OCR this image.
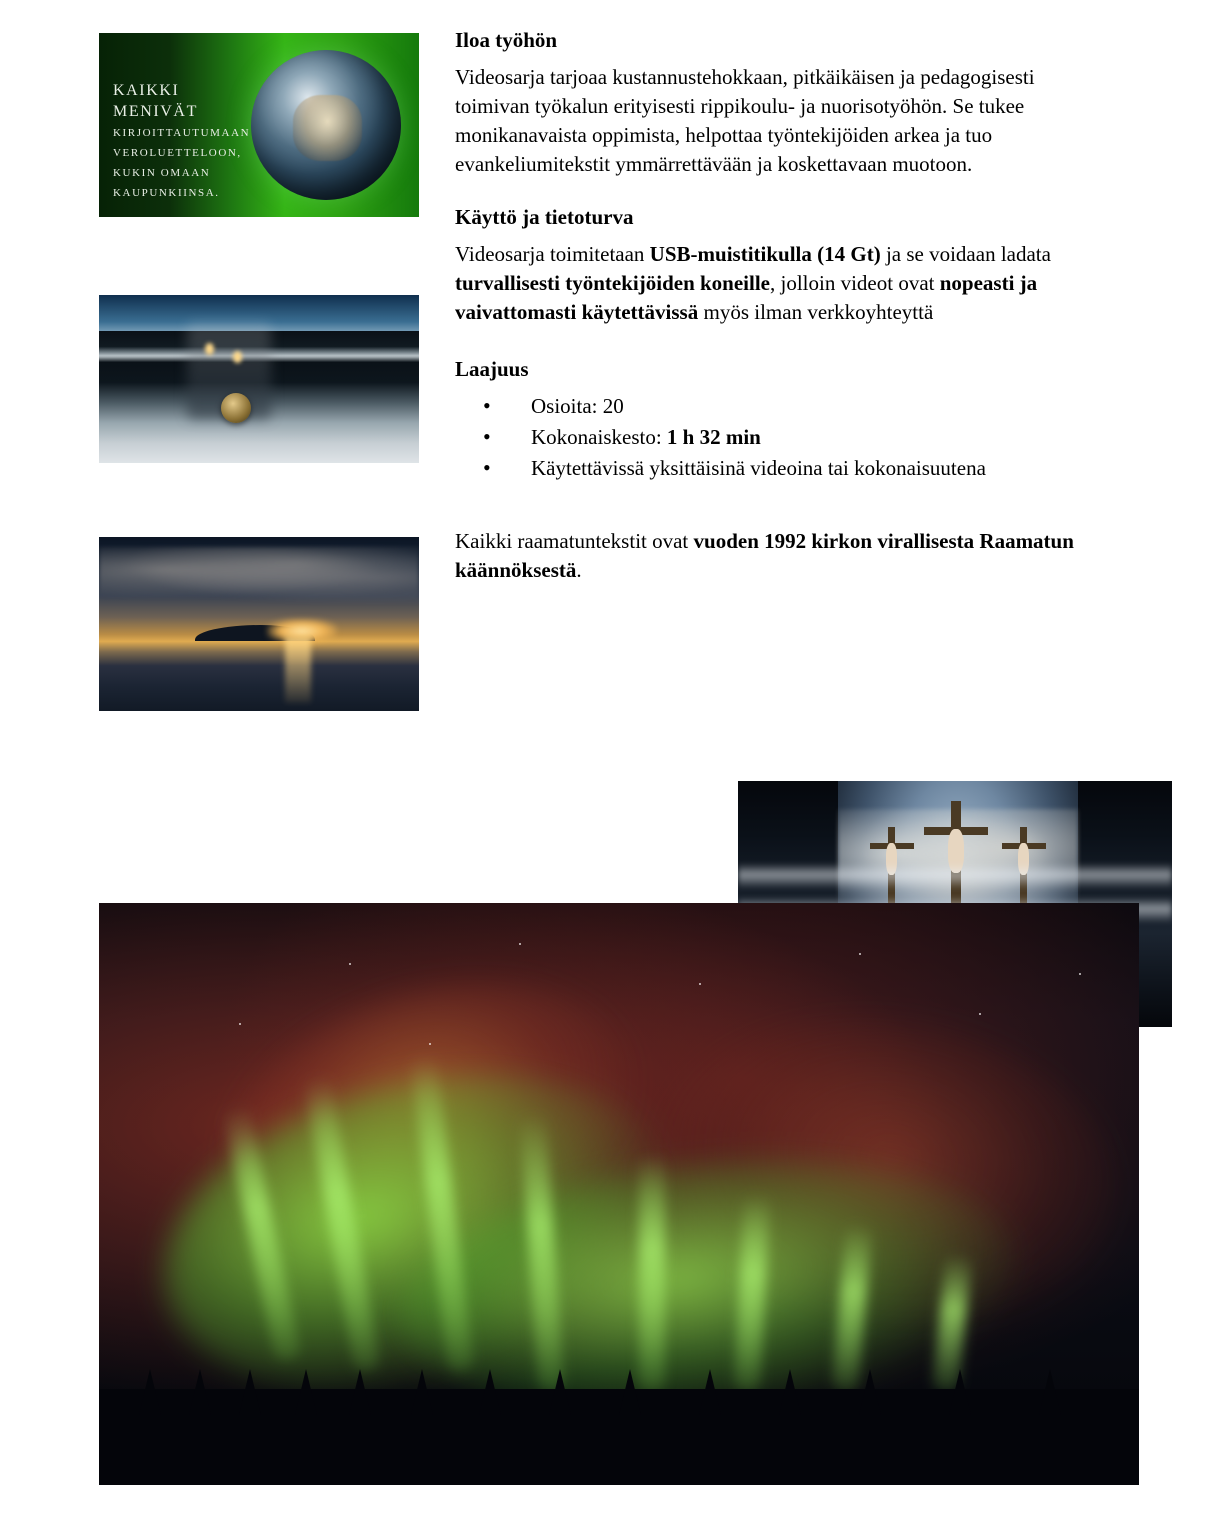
KAIKKI MENIVÄT
KIRJOITTAUTUMAAN
VEROLUETTELOON,
KUKIN OMAAN
KAUPUNKIINSA.
Iloa työhön

Videosarja tarjoaa kustannustehokkaan, pitkäikäisen ja pedagogisesti toimivan työkalun erityisesti rippikoulu- ja nuorisotyöhön. Se tukee monikanavaista oppimista, helpottaa työntekijöiden arkea ja tuo evankeliumitekstit ymmärrettävään ja koskettavaan muotoon.

Käyttö ja tietoturva

Videosarja toimitetaan USB-muistitikulla (14 Gt) ja se voidaan ladata turvallisesti työntekijöiden koneille, jolloin videot ovat nopeasti ja vaivattomasti käytettävissä myös ilman verkkoyhteyttä

Laajuus
• Osioita: 20
• Kokonaiskesto: 1 h 32 min
• Käytettävissä yksittäisinä videoina tai kokonaisuutena

Kaikki raamatuntekstit ovat vuoden 1992 kirkon virallisesta Raamatun käännöksestä.
